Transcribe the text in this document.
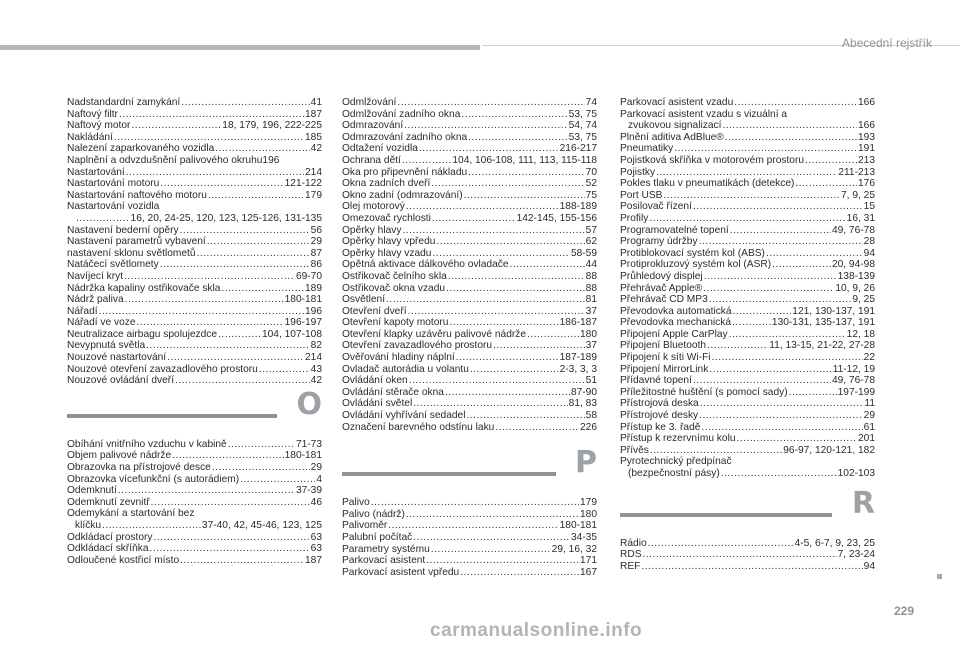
Abecední rejstřík
Nadstandardní zamykání .....	41
Naftový filtr .....	187
Naftový motor .....	18, 179, 196, 222-225
Nakládání .....	185
Nalezení zaparkovaného vozidla .....	42
Naplnění a odvzdušnění palivového okruhu 196
Nastartování .....	214
Nastartování motoru .....	121-122
Nastartování naftového motoru .....	179
Nastartování vozidla
.....
16, 20, 24-25, 120, 123, 125-126, 131-135
Nastavení bederní opěry .....	56
Nastavení parametrů vybavení .....	29
nastavení sklonu světlometů .....	87
Natáčecí světlomety .....	86
Navíjecí kryt .....	69-70
Nádržka kapaliny ostřikovače skla .....	189
Nádrž paliva .....	180-181
Nářadí .....	196
Nářadí ve voze .....	196-197
Neutralizace airbagu spolujezdce .....	104, 107-108
Nevypnutá světla .....	82
Nouzové nastartování .....	214
Nouzové otevření zavazadlového prostoru .....	43
Nouzové ovládání dveří .....	42
O
Obíhání vnitřního vzduchu v kabině .....	71-73
Objem palivové nádrže .....	180-181
Obrazovka na přístrojové desce .....	29
Obrazovka vícefunkční (s autorádiem) .....	4
Odemknutí .....	37-39
Odemknutí zevnitř .....	46
Odemykání a startování bez
klíčku .....	37-40, 42, 45-46, 123, 125
Odkládací prostory .....	63
Odkládací skříňka .....	63
Odloučené kostřicí místo .....	187
Odmlžování .....	74
Odmlžování zadního okna .....	53, 75
Odmrazování .....	54, 74
Odmrazování zadního okna .....	53, 75
Odtažení vozidla .....	216-217
Ochrana dětí .....	104, 106-108, 111, 113, 115-118
Oka pro připevnění nákladu .....	70
Okna zadních dveří .....	52
Okno zadní (odmrazování) .....	75
Olej motorový .....	188-189
Omezovač rychlosti .....	142-145, 155-156
Opěrky hlavy .....	57
Opěrky hlavy vpředu .....	62
Opěrky hlavy vzadu .....	58-59
Opětná aktivace dálkového ovladače .....	44
Ostřikovač čelního skla .....	88
Ostřikovač okna vzadu .....	88
Osvětlení .....	81
Otevření dveří .....	37
Otevření kapoty motoru .....	186-187
Otevření klapky uzávěru palivové nádrže .....	180
Otevření zavazadlového prostoru .....	37
Ověřování hladiny náplní .....	187-189
Ovladač autorádia u volantu .....	2-3, 3, 3
Ovládání oken .....	51
Ovládání stěrače okna .....	87-90
Ovládání světel .....	81, 83
Ovládání vyhřívání sedadel .....	58
Označení barevného odstínu laku .....	226
P
Palivo .....	179
Palivo (nádrž) .....	180
Palivoměr .....	180-181
Palubní počítač .....	34-35
Parametry systému .....	29, 16, 32
Parkovací asistent .....	171
Parkovací asistent vpředu .....	167
Parkovací asistent vzadu .....	166
Parkovací asistent vzadu s vizuální a
zvukovou signalizací .....	166
Plnění aditiva AdBlue® .....	193
Pneumatiky .....	191
Pojistková skříňka v motorovém prostoru .....	213
Pojistky .....	211-213
Pokles tlaku v pneumatikách (detekce) .....	176
Port USB .....	7, 9, 25
Posilovač řízení .....	15
Profily .....	16, 31
Programovatelné topení .....	49, 76-78
Programy údržby .....	28
Protiblokovací systém kol (ABS) .....	94
Protiprokluzový systém kol (ASR) .....	20, 94-98
Průhledový displej .....	138-139
Přehrávač Apple® .....	10, 9, 26
Přehrávač CD MP3 .....	9, 25
Převodovka automatická .....	121, 130-137, 191
Převodovka mechanická .....	130-131, 135-137, 191
Připojení Apple CarPlay .....	12, 18
Připojení Bluetooth .....	11, 13-15, 21-22, 27-28
Připojení k síti Wi-Fi .....	22
Připojení MirrorLink .....	11-12, 19
Přídavné topení .....	49, 76-78
Příležitostné huštění (s pomocí sady) .....	197-199
Přístrojová deska .....	11
Přístrojové desky .....	29
Přístup ke 3. řadě .....	61
Přístup k rezervnímu kolu .....	201
Přívěs .....	96-97, 120-121, 182
Pyrotechnický předpínač
(bezpečnostní pásy) .....	102-103
R
Rádio .....	4-5, 6-7, 9, 23, 25
RDS .....	7, 23-24
REF .....	94
229
carmanualsonline.info
